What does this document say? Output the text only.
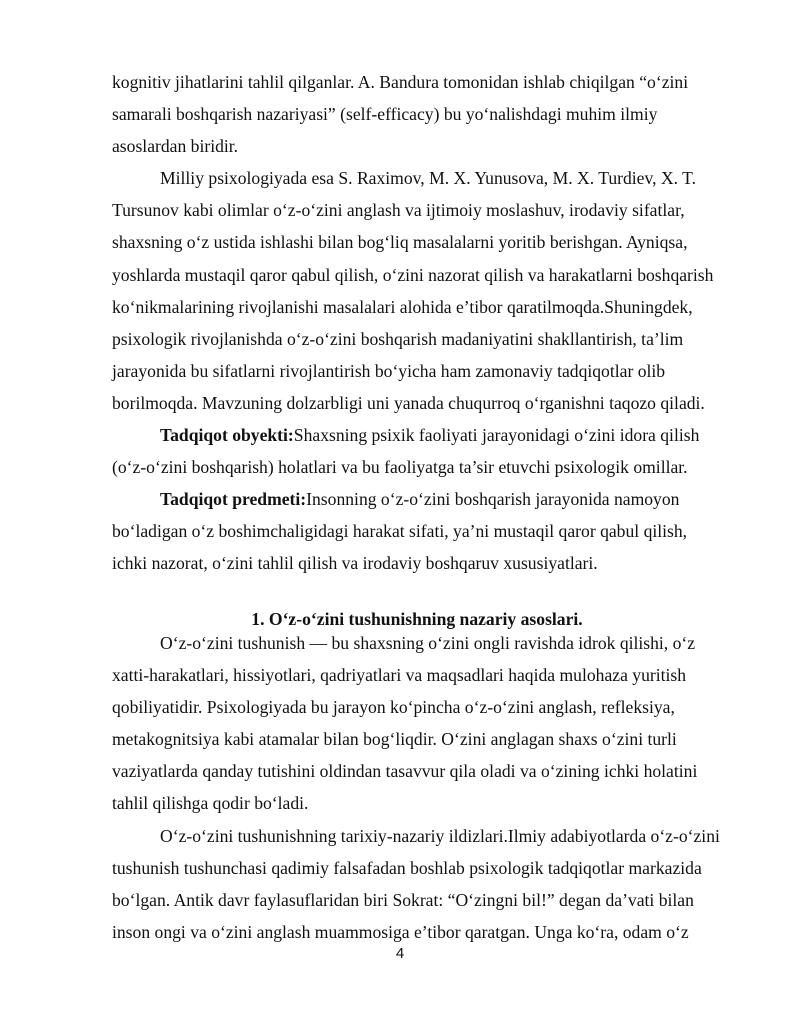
kognitiv jihatlarini tahlil qilganlar. A. Bandura tomonidan ishlab chiqilgan “o‘zini
samarali boshqarish nazariyasi” (self-efficacy) bu yo‘nalishdagi muhim ilmiy
asoslardan biridir.
Milliy psixologiyada esa S. Raximov, M. X. Yunusova, M. X. Turdiev, X. T.
Tursunov kabi olimlar o‘z-o‘zini anglash va ijtimoiy moslashuv, irodaviy sifatlar,
shaxsning o‘z ustida ishlashi bilan bog‘liq masalalarni yoritib berishgan. Ayniqsa,
yoshlarda mustaqil qaror qabul qilish, o‘zini nazorat qilish va harakatlarni boshqarish
ko‘nikmalarining rivojlanishi masalalari alohida e’tibor qaratilmoqda.Shuningdek,
psixologik rivojlanishda o‘z-o‘zini boshqarish madaniyatini shakllantirish, ta’lim
jarayonida bu sifatlarni rivojlantirish bo‘yicha ham zamonaviy tadqiqotlar olib
borilmoqda. Mavzuning dolzarbligi uni yanada chuqurroq o‘rganishni taqozo qiladi.
Tadqiqot obyekti:Shaxsning psixik faoliyati jarayonidagi o‘zini idora qilish
(o‘z-o‘zini boshqarish) holatlari va bu faoliyatga ta’sir etuvchi psixologik omillar.
Tadqiqot predmeti:Insonning o‘z-o‘zini boshqarish jarayonida namoyon
bo‘ladigan o‘z boshimchaligidagi harakat sifati, ya’ni mustaqil qaror qabul qilish,
ichki nazorat, o‘zini tahlil qilish va irodaviy boshqaruv xususiyatlari.
1. O‘z-o‘zini tushunishning nazariy asoslari.
O‘z-o‘zini tushunish — bu shaxsning o‘zini ongli ravishda idrok qilishi, o‘z
xatti-harakatlari, hissiyotlari, qadriyatlari va maqsadlari haqida mulohaza yuritish
qobiliyatidir. Psixologiyada bu jarayon ko‘pincha o‘z-o‘zini anglash, refleksiya,
metakognitsiya kabi atamalar bilan bog‘liqdir. O‘zini anglagan shaxs o‘zini turli
vaziyatlarda qanday tutishini oldindan tasavvur qila oladi va o‘zining ichki holatini
tahlil qilishga qodir bo‘ladi.
O‘z-o‘zini tushunishning tarixiy-nazariy ildizlari.Ilmiy adabiyotlarda o‘z-o‘zini
tushunish tushunchasi qadimiy falsafadan boshlab psixologik tadqiqotlar markazida
bo‘lgan. Antik davr faylasuflaridan biri Sokrat: “O‘zingni bil!” degan da’vati bilan
inson ongi va o‘zini anglash muammosiga e’tibor qaratgan. Unga ko‘ra, odam o‘z
4
